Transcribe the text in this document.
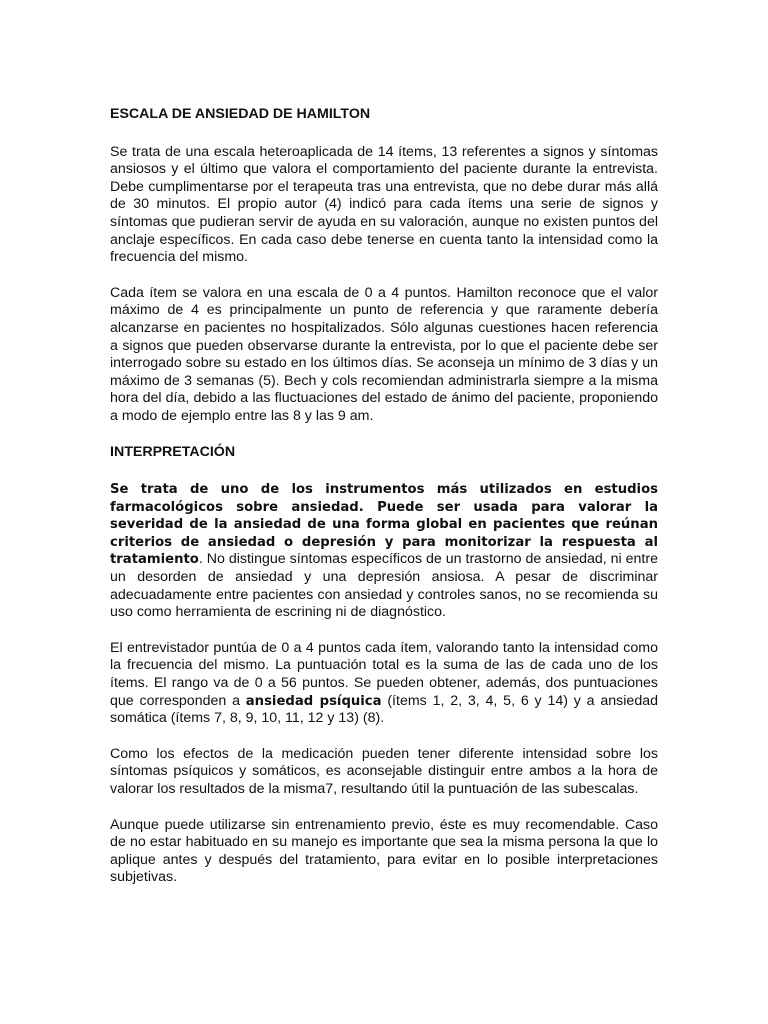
ESCALA DE ANSIEDAD DE HAMILTON

Se trata de una escala heteroaplicada de 14 ítems, 13 referentes a signos y síntomas ansiosos y el último que valora el comportamiento del paciente durante la entrevista. Debe cumplimentarse por el terapeuta tras una entrevista, que no debe durar más allá de 30 minutos. El propio autor (4) indicó para cada ítems una serie de signos y síntomas que pudieran servir de ayuda en su valoración, aunque no existen puntos del anclaje específicos. En cada caso debe tenerse en cuenta tanto la intensidad como la frecuencia del mismo.

Cada ítem se valora en una escala de 0 a 4 puntos. Hamilton reconoce que el valor máximo de 4 es principalmente un punto de referencia y que raramente debería alcanzarse en pacientes no hospitalizados. Sólo algunas cuestiones hacen referencia a signos que pueden observarse durante la entrevista, por lo que el paciente debe ser interrogado sobre su estado en los últimos días. Se aconseja un mínimo de 3 días y un máximo de 3 semanas (5). Bech y cols recomiendan administrarla siempre a la misma hora del día, debido a las fluctuaciones del estado de ánimo del paciente, proponiendo a modo de ejemplo entre las 8 y las 9 am.

INTERPRETACIÓN

Se trata de uno de los instrumentos más utilizados en estudios farmacológicos sobre ansiedad. Puede ser usada para valorar la severidad de la ansiedad de una forma global en pacientes que reúnan criterios de ansiedad o depresión y para monitorizar la respuesta al tratamiento. No distingue síntomas específicos de un trastorno de ansiedad, ni entre un desorden de ansiedad y una depresión ansiosa. A pesar de discriminar adecuadamente entre pacientes con ansiedad y controles sanos, no se recomienda su uso como herramienta de escrining ni de diagnóstico.

El entrevistador puntúa de 0 a 4 puntos cada ítem, valorando tanto la intensidad como la frecuencia del mismo. La puntuación total es la suma de las de cada uno de los ítems. El rango va de 0 a 56 puntos. Se pueden obtener, además, dos puntuaciones que corresponden a ansiedad psíquica (ítems 1, 2, 3, 4, 5, 6 y 14) y a ansiedad somática (ítems 7, 8, 9, 10, 11, 12 y 13) (8).

Como los efectos de la medicación pueden tener diferente intensidad sobre los síntomas psíquicos y somáticos, es aconsejable distinguir entre ambos a la hora de valorar los resultados de la misma7, resultando útil la puntuación de las subescalas.

Aunque puede utilizarse sin entrenamiento previo, éste es muy recomendable. Caso de no estar habituado en su manejo es importante que sea la misma persona la que lo aplique antes y después del tratamiento, para evitar en lo posible interpretaciones subjetivas.
